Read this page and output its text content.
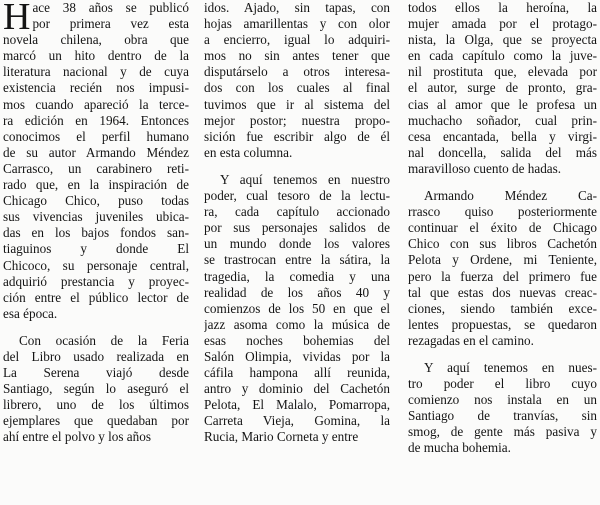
H ace 38 años se publicó
por primera vez esta
novela chilena, obra que
marcó un hito dentro de la
literatura nacional y de cuya
existencia recién nos impusi-
mos cuando apareció la terce-
ra edición en 1964. Entonces
conocimos el perfil humano
de su autor Armando Méndez
Carrasco, un carabinero reti-
rado que, en la inspiración de
Chicago Chico, puso todas
sus vivencias juveniles ubica-
das en los bajos fondos san-
tiaguinos y donde El
Chicoco, su personaje central,
adquirió prestancia y proyec-
ción entre el público lector de
esa época.
Con ocasión de la Feria
del Libro usado realizada en
La Serena viajó desde
Santiago, según lo aseguró el
librero, uno de los últimos
ejemplares que quedaban por
ahí entre el polvo y los años
idos. Ajado, sin tapas, con
hojas amarillentas y con olor
a encierro, igual lo adquiri-
mos no sin antes tener que
disputárselo a otros interesa-
dos con los cuales al final
tuvimos que ir al sistema del
mejor postor; nuestra propo-
sición fue escribir algo de él
en esta columna.
Y aquí tenemos en nuestro
poder, cual tesoro de la lectu-
ra, cada capítulo accionado
por sus personajes salidos de
un mundo donde los valores
se trastrocan entre la sátira, la
tragedia, la comedia y una
realidad de los años 40 y
comienzos de los 50 en que el
jazz asoma como la música de
esas noches bohemias del
Salón Olimpia, vividas por la
cáfila hampona allí reunida,
antro y dominio del Cachetón
Pelota, El Malalo, Pomarropa,
Carreta Vieja, Gomina, la
Rucia, Mario Corneta y entre
todos ellos la heroína, la
mujer amada por el protago-
nista, la Olga, que se proyecta
en cada capítulo como la juve-
nil prostituta que, elevada por
el autor, surge de pronto, gra-
cias al amor que le profesa un
muchacho soñador, cual prin-
cesa encantada, bella y virgi-
nal doncella, salida del más
maravilloso cuento de hadas.
Armando Méndez Ca-
rrasco quiso posteriormente
continuar el éxito de Chicago
Chico con sus libros Cachetón
Pelota y Ordene, mi Teniente,
pero la fuerza del primero fue
tal que estas dos nuevas creac-
ciones, siendo también exce-
lentes propuestas, se quedaron
rezagadas en el camino.
Y aquí tenemos en nues-
tro poder el libro cuyo
comienzo nos instala en un
Santiago de tranvías, sin
smog, de gente más pasiva y
de mucha bohemia.
